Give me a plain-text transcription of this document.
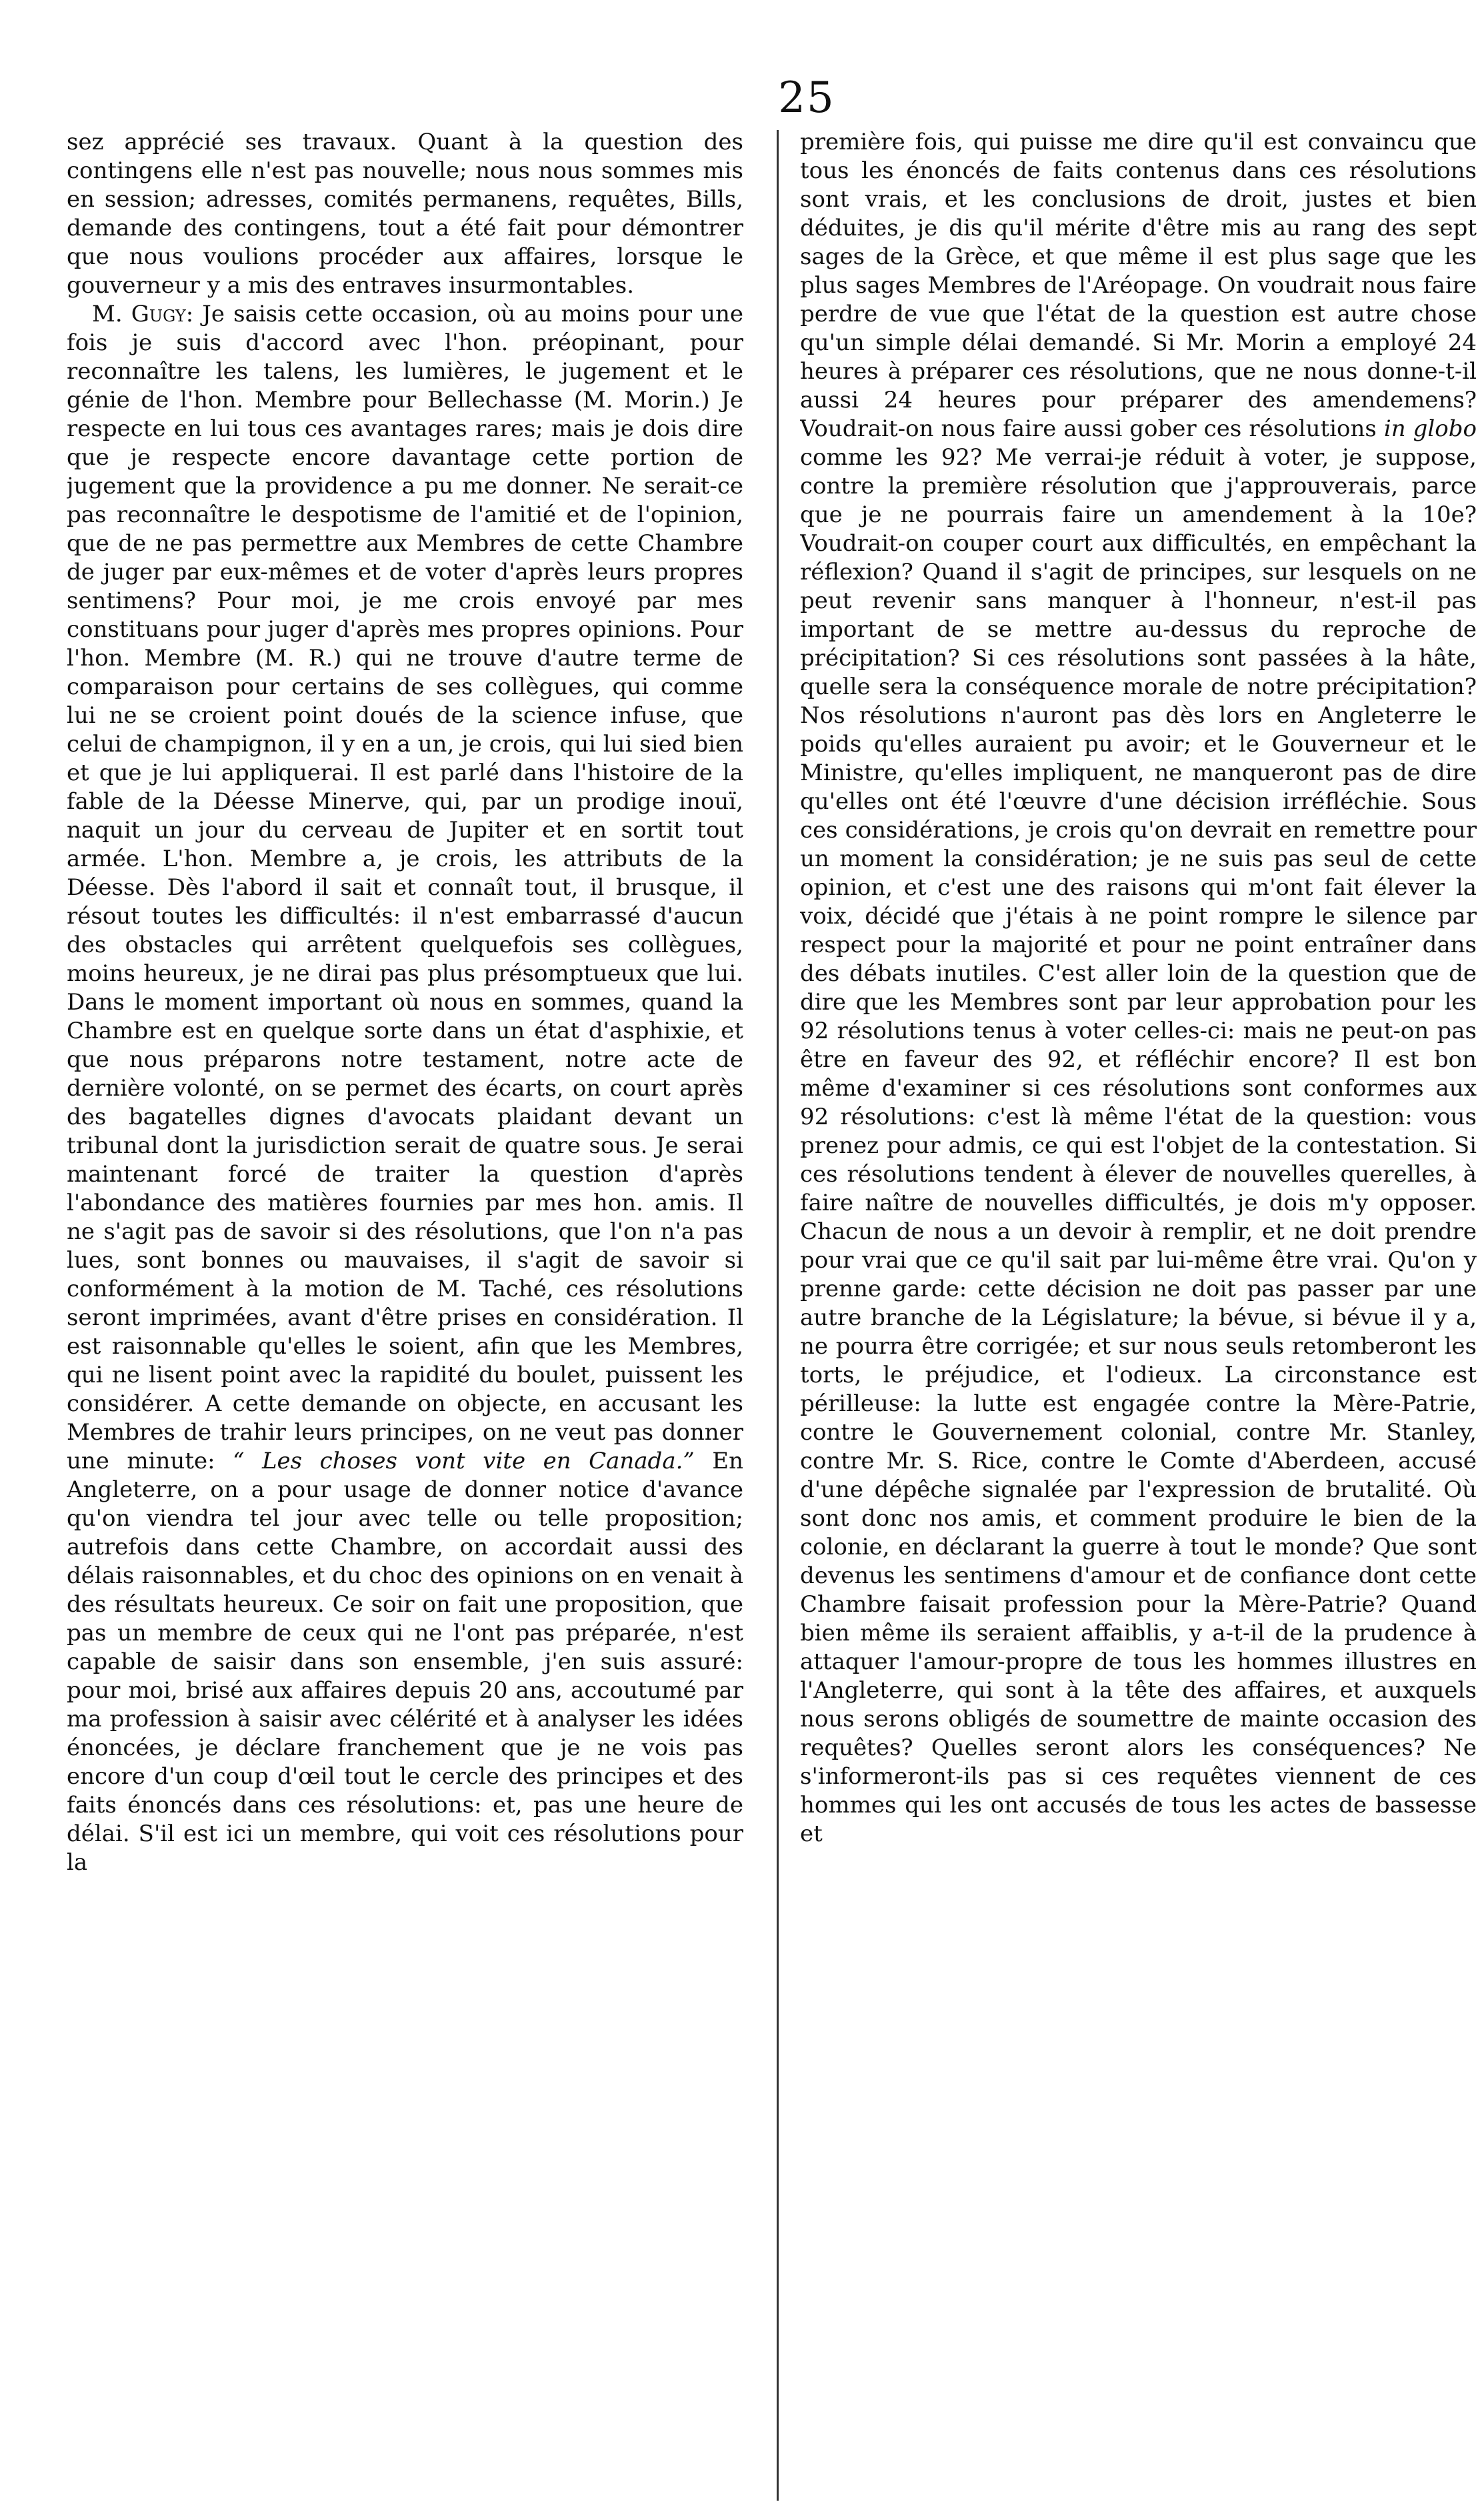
25

sez apprécié ses travaux. Quant à la question des contingens elle n'est pas nouvelle; nous nous sommes mis en session; adresses, comités permanens, requêtes, Bills, demande des contingens, tout a été fait pour démontrer que nous voulions procéder aux affaires, lorsque le gouverneur y a mis des entraves insurmontables.

M. Gugy: Je saisis cette occasion, où au moins pour une fois je suis d'accord avec l'hon. préopinant, pour reconnaître les talens, les lumières, le jugement et le génie de l'hon. Membre pour Bellechasse (M. Morin.) Je respecte en lui tous ces avantages rares; mais je dois dire que je respecte encore davantage cette portion de jugement que la providence a pu me donner. Ne serait-ce pas reconnaître le despotisme de l'amitié et de l'opinion, que de ne pas permettre aux Membres de cette Chambre de juger par eux-mêmes et de voter d'après leurs propres sentimens? Pour moi, je me crois envoyé par mes constituans pour juger d'après mes propres opinions. Pour l'hon. Membre (M. R.) qui ne trouve d'autre terme de comparaison pour certains de ses collègues, qui comme lui ne se croient point doués de la science infuse, que celui de champignon, il y en a un, je crois, qui lui sied bien et que je lui appliquerai. Il est parlé dans l'histoire de la fable de la Déesse Minerve, qui, par un prodige inouï, naquit un jour du cerveau de Jupiter et en sortit tout armée. L'hon. Membre a, je crois, les attributs de la Déesse. Dès l'abord il sait et connaît tout, il brusque, il résout toutes les difficultés: il n'est embarrassé d'aucun des obstacles qui arrêtent quelquefois ses collègues, moins heureux, je ne dirai pas plus présomptueux que lui. Dans le moment important où nous en sommes, quand la Chambre est en quelque sorte dans un état d'asphixie, et que nous préparons notre testament, notre acte de dernière volonté, on se permet des écarts, on court après des bagatelles dignes d'avocats plaidant devant un tribunal dont la jurisdiction serait de quatre sous. Je serai maintenant forcé de traiter la question d'après l'abondance des matières fournies par mes hon. amis. Il ne s'agit pas de savoir si des résolutions, que l'on n'a pas lues, sont bonnes ou mauvaises, il s'agit de savoir si conformément à la motion de M. Taché, ces résolutions seront imprimées, avant d'être prises en considération. Il est raisonnable qu'elles le soient, afin que les Membres, qui ne lisent point avec la rapidité du boulet, puissent les considérer. A cette demande on objecte, en accusant les Membres de trahir leurs principes, on ne veut pas donner une minute: “ Les choses vont vite en Canada.” En Angleterre, on a pour usage de donner notice d'avance qu'on viendra tel jour avec telle ou telle proposition; autrefois dans cette Chambre, on accordait aussi des délais raisonnables, et du choc des opinions on en venait à des résultats heureux. Ce soir on fait une proposition, que pas un membre de ceux qui ne l'ont pas préparée, n'est capable de saisir dans son ensemble, j'en suis assuré: pour moi, brisé aux affaires depuis 20 ans, accoutumé par ma profession à saisir avec célérité et à analyser les idées énoncées, je déclare franchement que je ne vois pas encore d'un coup d'œil tout le cercle des principes et des faits énoncés dans ces résolutions: et, pas une heure de délai. S'il est ici un membre, qui voit ces résolutions pour la

première fois, qui puisse me dire qu'il est convaincu que tous les énoncés de faits contenus dans ces résolutions sont vrais, et les conclusions de droit, justes et bien déduites, je dis qu'il mérite d'être mis au rang des sept sages de la Grèce, et que même il est plus sage que les plus sages Membres de l'Aréopage. On voudrait nous faire perdre de vue que l'état de la question est autre chose qu'un simple délai demandé. Si Mr. Morin a employé 24 heures à préparer ces résolutions, que ne nous donne-t-il aussi 24 heures pour préparer des amendemens? Voudrait-on nous faire aussi gober ces résolutions in globo comme les 92? Me verrai-je réduit à voter, je suppose, contre la première résolution que j'approuverais, parce que je ne pourrais faire un amendement à la 10e? Voudrait-on couper court aux difficultés, en empêchant la réflexion? Quand il s'agit de principes, sur lesquels on ne peut revenir sans manquer à l'honneur, n'est-il pas important de se mettre au-dessus du reproche de précipitation? Si ces résolutions sont passées à la hâte, quelle sera la conséquence morale de notre précipitation? Nos résolutions n'auront pas dès lors en Angleterre le poids qu'elles auraient pu avoir; et le Gouverneur et le Ministre, qu'elles impliquent, ne manqueront pas de dire qu'elles ont été l'œuvre d'une décision irréfléchie. Sous ces considérations, je crois qu'on devrait en remettre pour un moment la considération; je ne suis pas seul de cette opinion, et c'est une des raisons qui m'ont fait élever la voix, décidé que j'étais à ne point rompre le silence par respect pour la majorité et pour ne point entraîner dans des débats inutiles. C'est aller loin de la question que de dire que les Membres sont par leur approbation pour les 92 résolutions tenus à voter celles-ci: mais ne peut-on pas être en faveur des 92, et réfléchir encore? Il est bon même d'examiner si ces résolutions sont conformes aux 92 résolutions: c'est là même l'état de la question: vous prenez pour admis, ce qui est l'objet de la contestation. Si ces résolutions tendent à élever de nouvelles querelles, à faire naître de nouvelles difficultés, je dois m'y opposer. Chacun de nous a un devoir à remplir, et ne doit prendre pour vrai que ce qu'il sait par lui-même être vrai. Qu'on y prenne garde: cette décision ne doit pas passer par une autre branche de la Législature; la bévue, si bévue il y a, ne pourra être corrigée; et sur nous seuls retomberont les torts, le préjudice, et l'odieux. La circonstance est périlleuse: la lutte est engagée contre la Mère-Patrie, contre le Gouvernement colonial, contre Mr. Stanley, contre Mr. S. Rice, contre le Comte d'Aberdeen, accusé d'une dépêche signalée par l'expression de brutalité. Où sont donc nos amis, et comment produire le bien de la colonie, en déclarant la guerre à tout le monde? Que sont devenus les sentimens d'amour et de confiance dont cette Chambre faisait profession pour la Mère-Patrie? Quand bien même ils seraient affaiblis, y a-t-il de la prudence à attaquer l'amour-propre de tous les hommes illustres en l'Angleterre, qui sont à la tête des affaires, et auxquels nous serons obligés de soumettre de mainte occasion des requêtes? Quelles seront alors les conséquences? Ne s'informeront-ils pas si ces requêtes viennent de ces hommes qui les ont accusés de tous les actes de bassesse et
